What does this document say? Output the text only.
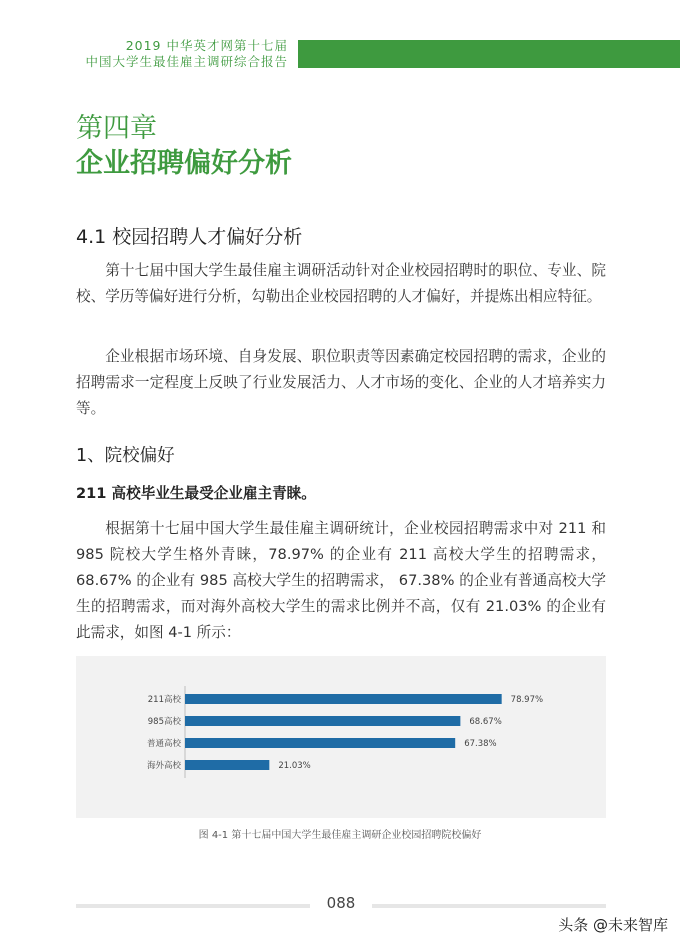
2019 中华英才网第十七届
中国大学生最佳雇主调研综合报告
第四章
企业招聘偏好分析
4.1 校园招聘人才偏好分析

第十七届中国大学生最佳雇主调研活动针对企业校园招聘时的职位、专业、院校、学历等偏好进行分析，勾勒出企业校园招聘的人才偏好，并提炼出相应特征。

企业根据市场环境、自身发展、职位职责等因素确定校园招聘的需求，企业的招聘需求一定程度上反映了行业发展活力、人才市场的变化、企业的人才培养实力等。

1、院校偏好
211 高校毕业生最受企业雇主青睐。

根据第十七届中国大学生最佳雇主调研统计，企业校园招聘需求中对 211 和 985 院校大学生格外青睐，78.97% 的企业有 211 高校大学生的招聘需求，68.67% 的企业有 985 高校大学生的招聘需求， 67.38% 的企业有普通高校大学生的招聘需求，而对海外高校大学生的需求比例并不高，仅有 21.03% 的企业有此需求，如图 4-1 所示：

211高校	78.97%
985高校	68.67%
普通高校	67.38%
海外高校	21.03%
图 4-1 第十七届中国大学生最佳雇主调研企业校园招聘院校偏好
088
头条 @未来智库
